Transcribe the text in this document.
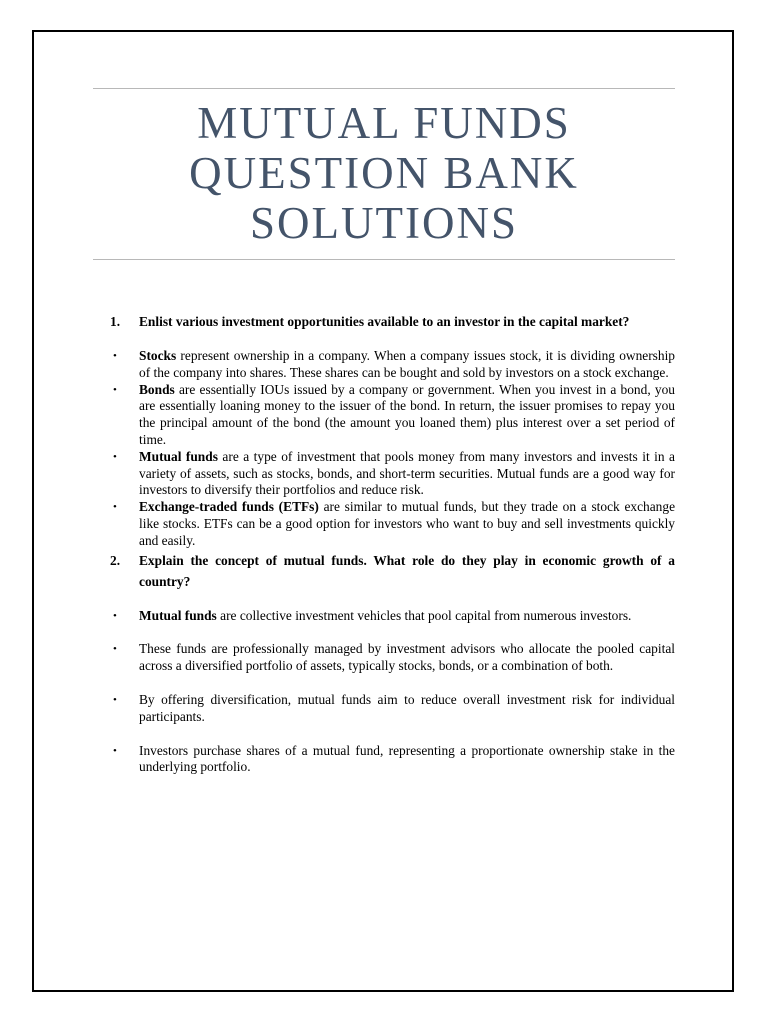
MUTUAL FUNDS
QUESTION BANK
SOLUTIONS
1.	Enlist various investment opportunities available to an investor in the capital market?
•	Stocks represent ownership in a company. When a company issues stock, it is dividing ownership of the company into shares. These shares can be bought and sold by investors on a stock exchange.
•	Bonds are essentially IOUs issued by a company or government. When you invest in a bond, you are essentially loaning money to the issuer of the bond. In return, the issuer promises to repay you the principal amount of the bond (the amount you loaned them) plus interest over a set period of time.
•	Mutual funds are a type of investment that pools money from many investors and invests it in a variety of assets, such as stocks, bonds, and short-term securities. Mutual funds are a good way for investors to diversify their portfolios and reduce risk.
•	Exchange-traded funds (ETFs) are similar to mutual funds, but they trade on a stock exchange like stocks. ETFs can be a good option for investors who want to buy and sell investments quickly and easily.
2.	Explain the concept of mutual funds. What role do they play in economic growth of a country?
•	Mutual funds are collective investment vehicles that pool capital from numerous investors.
•	These funds are professionally managed by investment advisors who allocate the pooled capital across a diversified portfolio of assets, typically stocks, bonds, or a combination of both.
•	By offering diversification, mutual funds aim to reduce overall investment risk for individual participants.
•	Investors purchase shares of a mutual fund, representing a proportionate ownership stake in the underlying portfolio.
